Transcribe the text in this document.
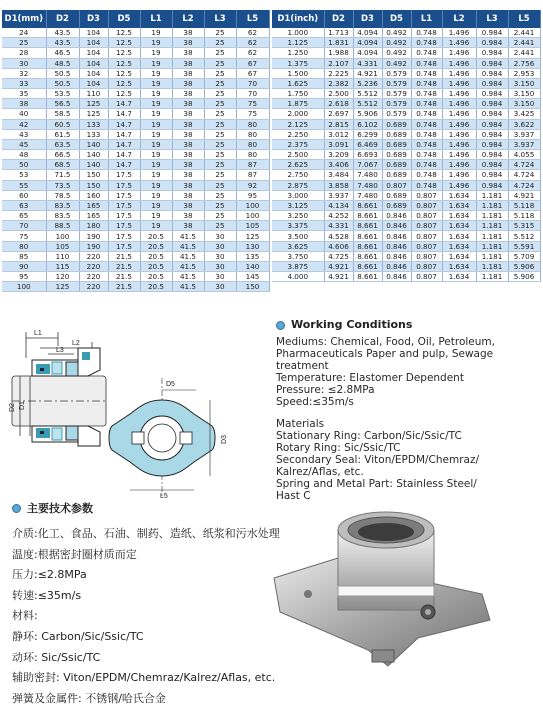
D1(mm)	D2	D3	D5	L1	L2	L3	L5
24	43.5	104	12.5	19	38	25	62
25	43.5	104	12.5	19	38	25	62
28	46.5	104	12.5	19	38	25	62
30	48.5	104	12.5	19	38	25	67
32	50.5	104	12.5	19	38	25	67
33	50.5	104	12.5	19	38	25	70
35	53.5	110	12.5	19	38	25	70
38	56.5	125	14.7	19	38	25	75
40	58.5	125	14.7	19	38	25	75
42	60.5	133	14.7	19	38	25	80
43	61.5	133	14.7	19	38	25	80
45	63.5	140	14.7	19	38	25	80
48	66.5	140	14.7	19	38	25	80
50	68.5	140	14.7	19	38	25	87
53	71.5	150	17.5	19	38	25	87
55	73.5	150	17.5	19	38	25	92
60	78.5	160	17.5	19	38	25	95
63	83.5	165	17.5	19	38	25	100
65	83.5	165	17.5	19	38	25	100
70	88.5	180	17.5	19	38	25	105
75	100	190	17.5	20.5	41.5	30	125
80	105	190	17.5	20.5	41.5	30	130
85	110	220	21.5	20.5	41.5	30	135
90	115	220	21.5	20.5	41.5	30	140
95	120	220	21.5	20.5	41.5	30	145
100	125	220	21.5	20.5	41.5	30	150
D1(inch)	D2	D3	D5	L1	L2	L3	L5
1.000	1.713	4.094	0.492	0.748	1.496	0.984	2.441
1.125	1.831	4.094	0.492	0.748	1.496	0.984	2.441
1.250	1.988	4.094	0.492	0.748	1.496	0.984	2.441
1.375	2.107	4.331	0.492	0.748	1.496	0.984	2.756
1.500	2.225	4.921	0.579	0.748	1.496	0.984	2.953
1.625	2.382	5.236	0.579	0.748	1.496	0.984	3.150
1.750	2.500	5.512	0.579	0.748	1.496	0.984	3.150
1.875	2.618	5.512	0.579	0.748	1.496	0.984	3.150
2.000	2.697	5.906	0.579	0.748	1.496	0.984	3.425
2.125	2.815	6.102	0.689	0.748	1.496	0.984	3.622
2.250	3.012	6.299	0.689	0.748	1.496	0.984	3.937
2.375	3.091	6.469	0.689	0.748	1.496	0.984	3.937
2.500	3.209	6.693	0.689	0.748	1.496	0.984	4.055
2.625	3.406	7.067	0.689	0.748	1.496	0.984	4.724
2.750	3.484	7.480	0.689	0.748	1.496	0.984	4.724
2.875	3.858	7.480	0.807	0.748	1.496	0.984	4.724
3.000	3.937	7.480	0.689	0.807	1.634	1.181	4.921
3.125	4.134	8.661	0.689	0.807	1.634	1.181	5.118
3.250	4.252	8.661	0.846	0.807	1.634	1.181	5.118
3.375	4.331	8.661	0.846	0.807	1.634	1.181	5.315
3.500	4.528	8.661	0.846	0.807	1.634	1.181	5.512
3.625	4.606	8.661	0.846	0.807	1.634	1.181	5.591
3.750	4.725	8.661	0.846	0.807	1.634	1.181	5.709
3.875	4.921	8.661	0.846	0.807	1.634	1.181	5.906
4.000	4.921	8.661	0.846	0.807	1.634	1.181	5.906
L1
L2
L3
D2 D1
D5
D3
L5
Working Conditions
Mediums: Chemical, Food, Oil, Petroleum,
Pharmaceuticals Paper and pulp, Sewage
treatment
Temperature: Elastomer Dependent
Pressure: ≤2.8MPa
Speed:≤35m/s
Materials
Stationary Ring: Carbon/Sic/Ssic/TC
Rotary Ring: Sic/Ssic/TC
Secondary Seal: Viton/EPDM/Chemraz/
Kalrez/Aflas, etc.
Spring and Metal Part: Stainless Steel/
Hast C
主要技术参数
介质:化工、食品、石油、制药、造纸、纸浆和污水处理
温度:根据密封圈材质而定
压力:≤2.8MPa
转速:≤35m/s
材料:
静环: Carbon/Sic/Ssic/TC
动环: Sic/Ssic/TC
辅助密封: Viton/EPDM/Chemraz/Kalrez/Aflas, etc.
弹簧及金属件: 不锈钢/哈氏合金
